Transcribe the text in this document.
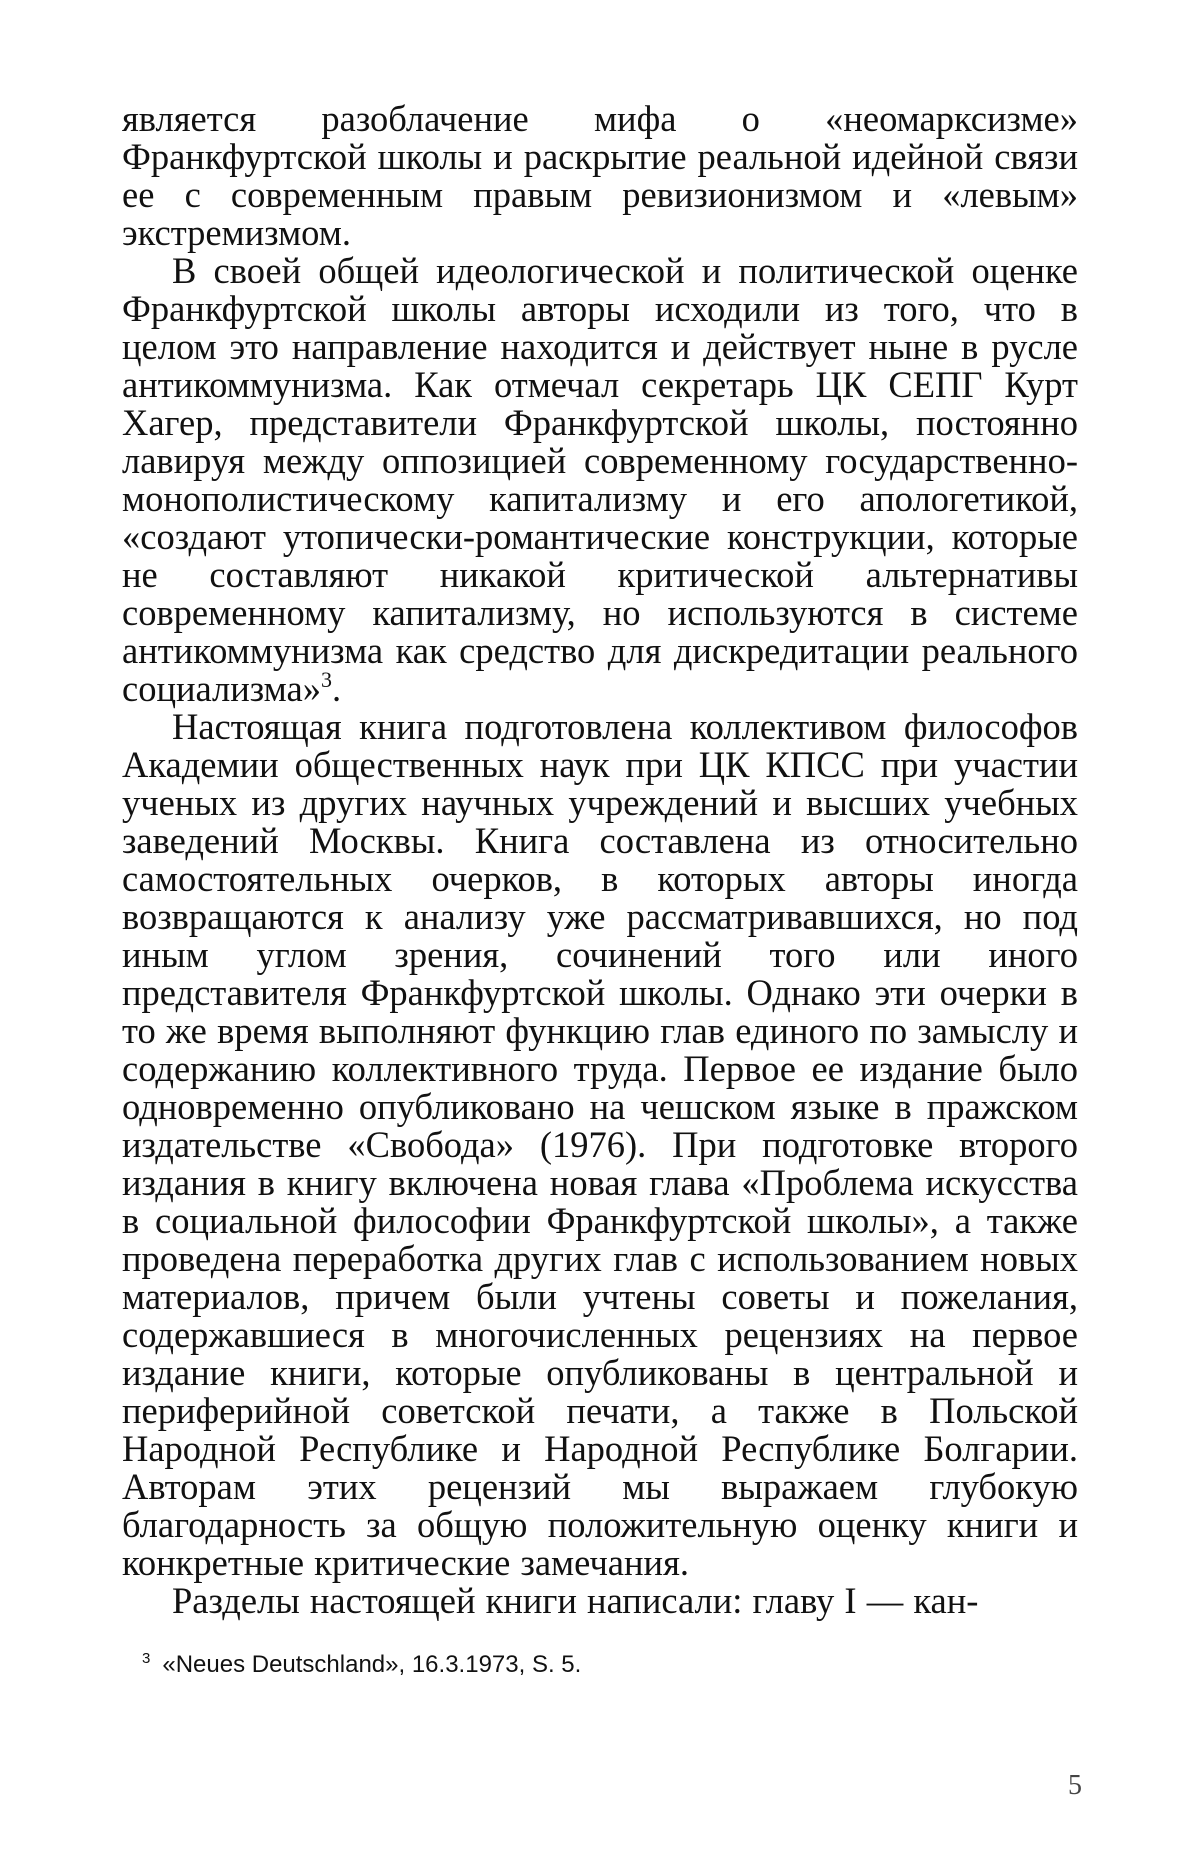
является разоблачение мифа о «неомарксизме» Франкфуртской школы и раскрытие реальной идейной связи ее с современным правым ревизионизмом и «левым» экстремизмом.

В своей общей идеологической и политической оценке Франкфуртской школы авторы исходили из того, что в целом это направление находится и действует ныне в русле антикоммунизма. Как отмечал секретарь ЦК СЕПГ Курт Хагер, представители Франкфуртской школы, постоянно лавируя между оппозицией современному государственно-монополистическому капитализму и его апологетикой, «создают утопически-романтические конструкции, которые не составляют никакой критической альтернативы современному капитализму, но используются в системе антикоммунизма как средство для дискредитации реального социализма»$^3$.

Настоящая книга подготовлена коллективом философов Академии общественных наук при ЦК КПСС при участии ученых из других научных учреждений и высших учебных заведений Москвы. Книга составлена из относительно самостоятельных очерков, в которых авторы иногда возвращаются к анализу уже рассматривавшихся, но под иным углом зрения, сочинений того или иного представителя Франкфуртской школы. Однако эти очерки в то же время выполняют функцию глав единого по замыслу и содержанию коллективного труда. Первое ее издание было одновременно опубликовано на чешском языке в пражском издательстве «Свобода» (1976). При подготовке второго издания в книгу включена новая глава «Проблема искусства в социальной философии Франкфуртской школы», а также проведена переработка других глав с использованием новых материалов, причем были учтены советы и пожелания, содержавшиеся в многочисленных рецензиях на первое издание книги, которые опубликованы в центральной и периферийной советской печати, а также в Польской Народной Республике и Народной Республике Болгарии. Авторам этих рецензий мы выражаем глубокую благодарность за общую положительную оценку книги и конкретные критические замечания.

Разделы настоящей книги написали: главу I — кан-

$^3$ «Neues Deutschland», 16.3.1973, S. 5.
5
